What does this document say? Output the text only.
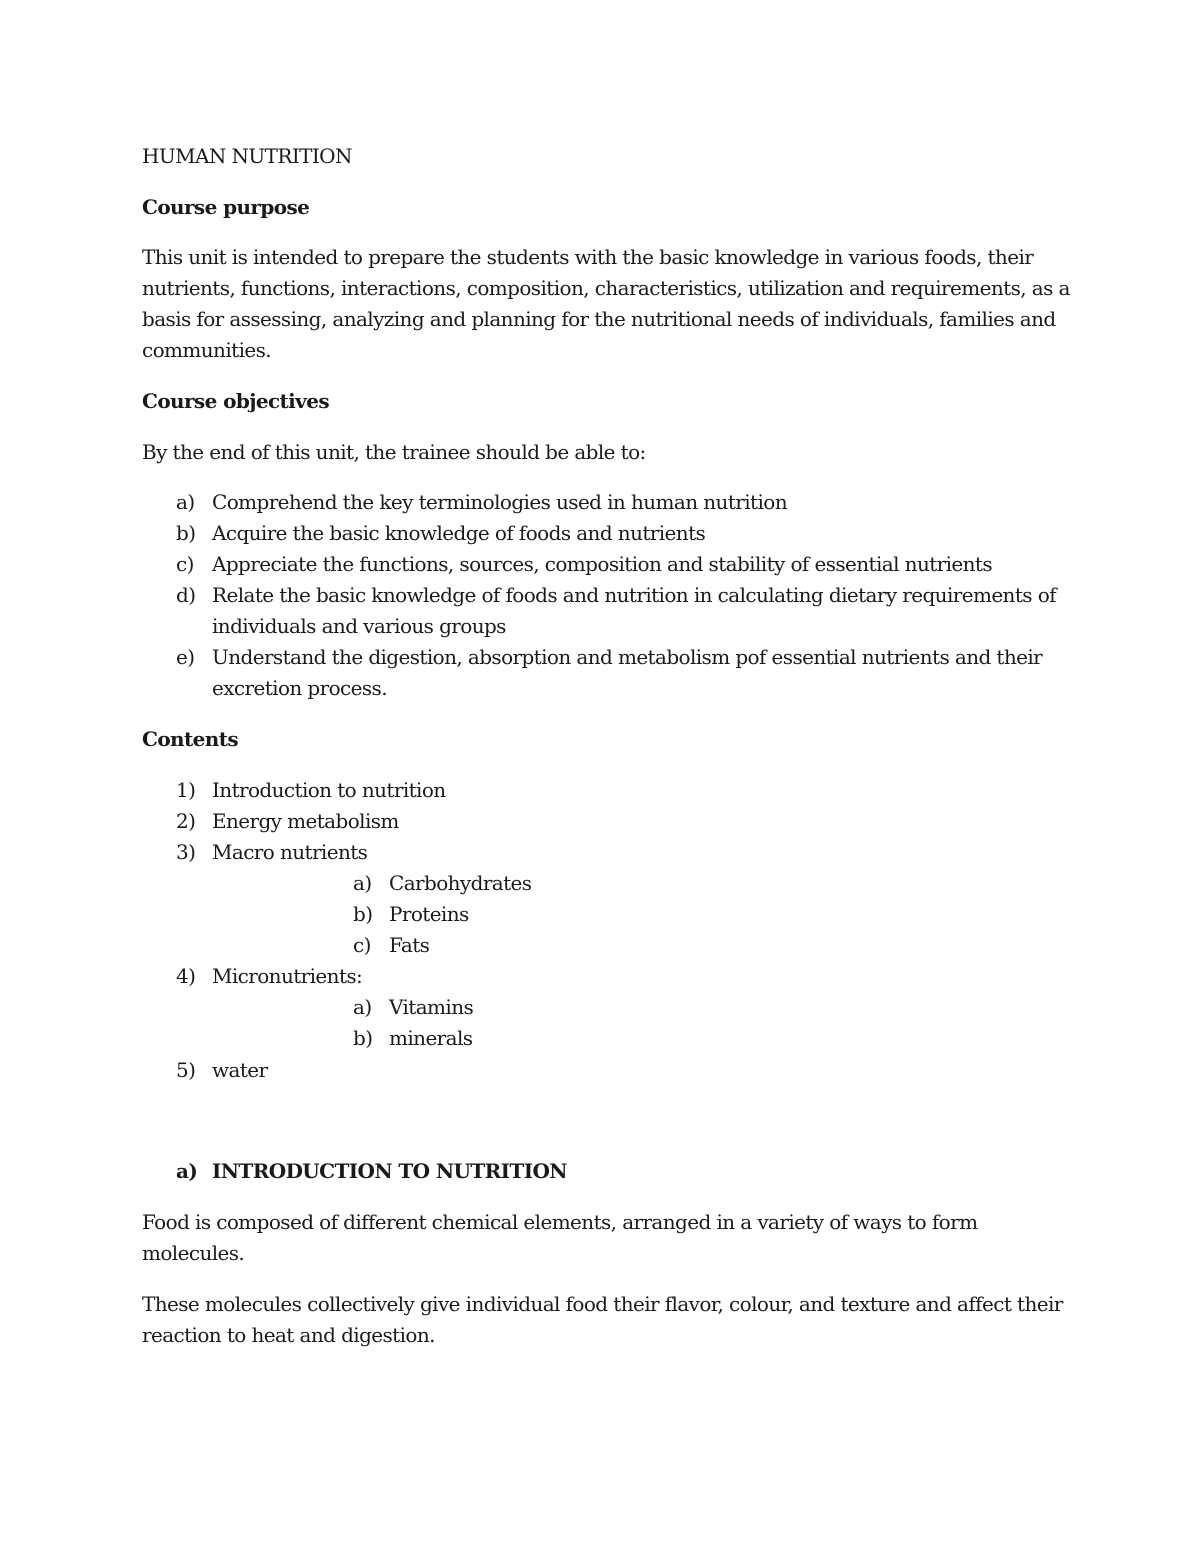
HUMAN NUTRITION
Course purpose
This unit is intended to prepare the students with the basic knowledge in various foods, their
nutrients, functions, interactions, composition, characteristics, utilization and requirements, as a
basis for assessing, analyzing and planning for the nutritional needs of individuals, families and
communities.
Course objectives
By the end of this unit, the trainee should be able to:
a) Comprehend the key terminologies used in human nutrition
b) Acquire the basic knowledge of foods and nutrients
c) Appreciate the functions, sources, composition and stability of essential nutrients
d) Relate the basic knowledge of foods and nutrition in calculating dietary requirements of
individuals and various groups
e) Understand the digestion, absorption and metabolism pof essential nutrients and their
excretion process.
Contents
1) Introduction to nutrition
2) Energy metabolism
3) Macro nutrients
a) Carbohydrates
b) Proteins
c) Fats
4) Micronutrients:
a) Vitamins
b) minerals
5) water
a) INTRODUCTION TO NUTRITION
Food is composed of different chemical elements, arranged in a variety of ways to form
molecules.
These molecules collectively give individual food their flavor, colour, and texture and affect their
reaction to heat and digestion.
